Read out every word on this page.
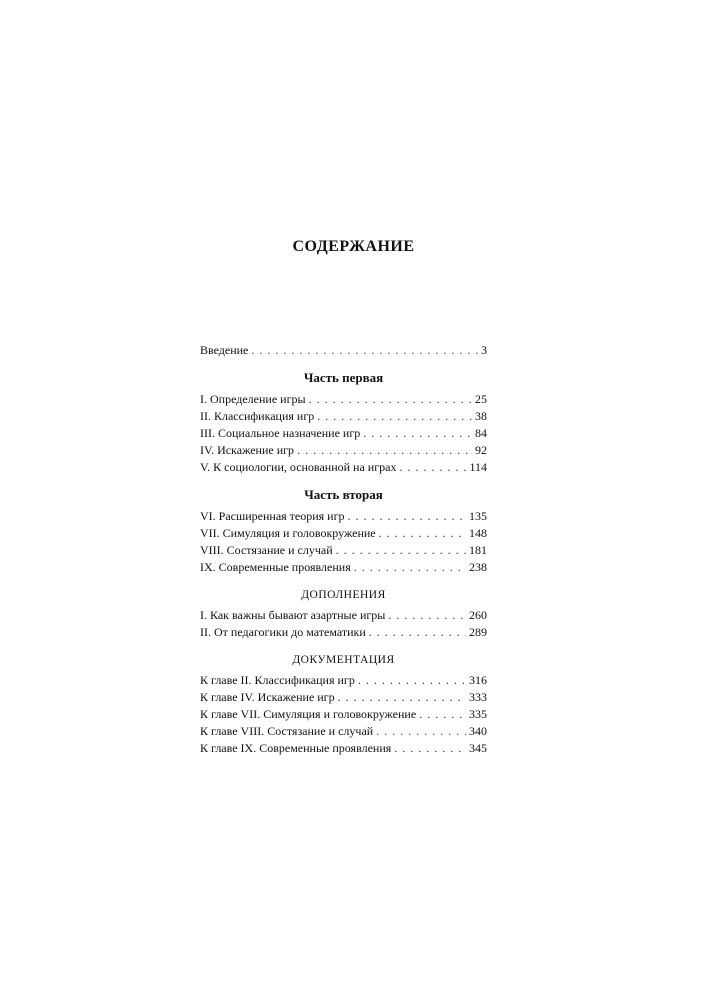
СОДЕРЖАНИЕ
Введение . . .	3
Часть первая
I. Определение игры . . .	25
II. Классификация игр . . .	38
III. Социальное назначение игр . . .	84
IV. Искажение игр . . .	92
V. К социологии, основанной на играх . . .	114
Часть вторая
VI. Расширенная теория игр . . .	135
VII. Симуляция и головокружение . . .	148
VIII. Состязание и случай . . .	181
IX. Современные проявления . . .	238
ДОПОЛНЕНИЯ
I. Как важны бывают азартные игры . . .	260
II. От педагогики до математики . . .	289
ДОКУМЕНТАЦИЯ
К главе II. Классификация игр . . .	316
К главе IV. Искажение игр . . .	333
К главе VII. Симуляция и головокружение . . .	335
К главе VIII. Состязание и случай . . .	340
К главе IX. Современные проявления . . .	345
